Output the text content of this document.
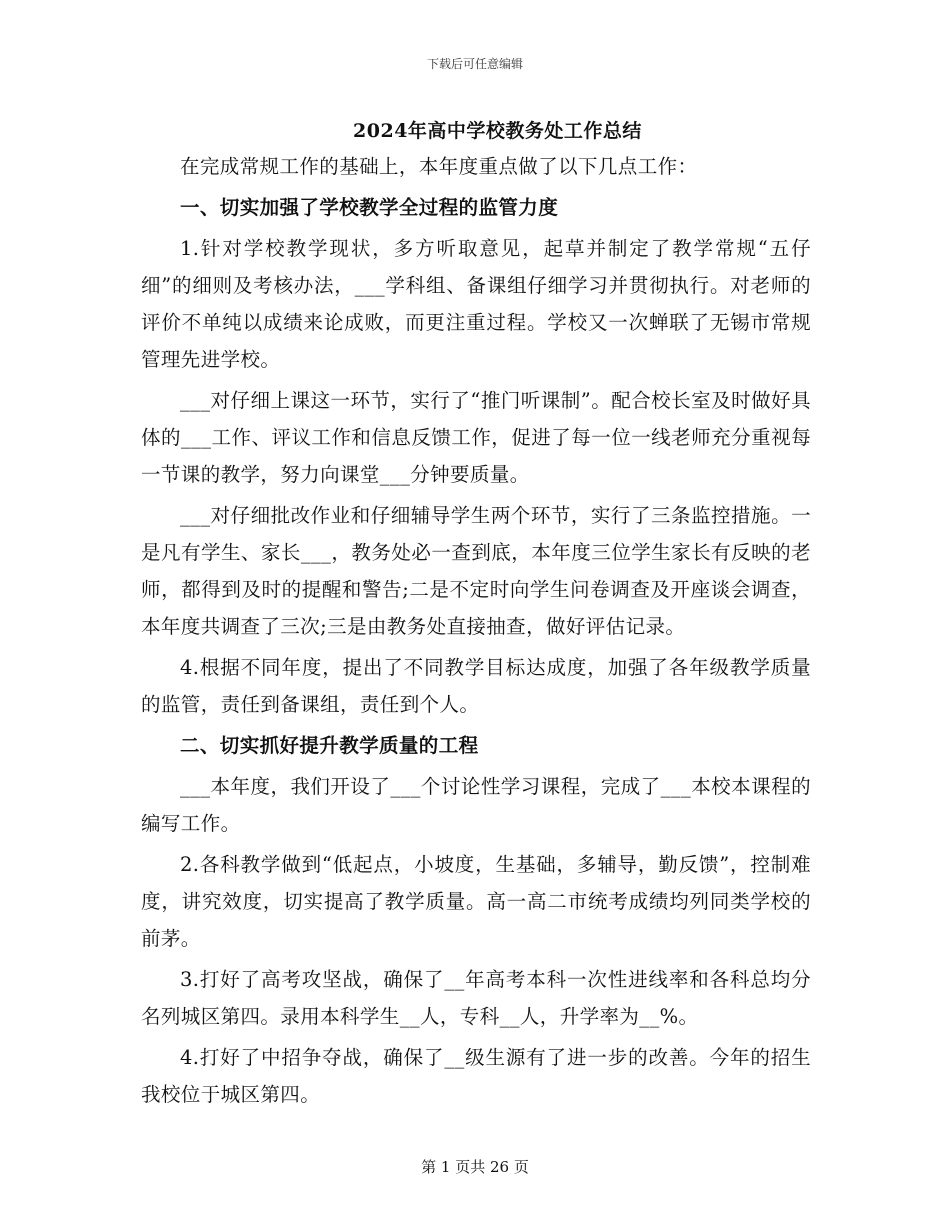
下载后可任意编辑
2024年高中学校教务处工作总结

在完成常规工作的基础上，本年度重点做了以下几点工作：

一、切实加强了学校教学全过程的监管力度

1.针对学校教学现状，多方听取意见，起草并制定了教学常规“五仔细”的细则及考核办法，___学科组、备课组仔细学习并贯彻执行。对老师的评价不单纯以成绩来论成败，而更注重过程。学校又一次蝉联了无锡市常规管理先进学校。

___对仔细上课这一环节，实行了“推门听课制”。配合校长室及时做好具体的___工作、评议工作和信息反馈工作，促进了每一位一线老师充分重视每一节课的教学，努力向课堂___分钟要质量。

___对仔细批改作业和仔细辅导学生两个环节，实行了三条监控措施。一是凡有学生、家长___，教务处必一查到底，本年度三位学生家长有反映的老师，都得到及时的提醒和警告;二是不定时向学生问卷调查及开座谈会调查，本年度共调查了三次;三是由教务处直接抽查，做好评估记录。

4.根据不同年度，提出了不同教学目标达成度，加强了各年级教学质量的监管，责任到备课组，责任到个人。

二、切实抓好提升教学质量的工程

___本年度，我们开设了___个讨论性学习课程，完成了___本校本课程的编写工作。

2.各科教学做到“低起点，小坡度，生基础，多辅导，勤反馈”，控制难度，讲究效度，切实提高了教学质量。高一高二市统考成绩均列同类学校的前茅。

3.打好了高考攻坚战，确保了__年高考本科一次性进线率和各科总均分名列城区第四。录用本科学生__人，专科__人，升学率为__%。

4.打好了中招争夺战，确保了__级生源有了进一步的改善。今年的招生我校位于城区第四。

第 1 页共 26 页
